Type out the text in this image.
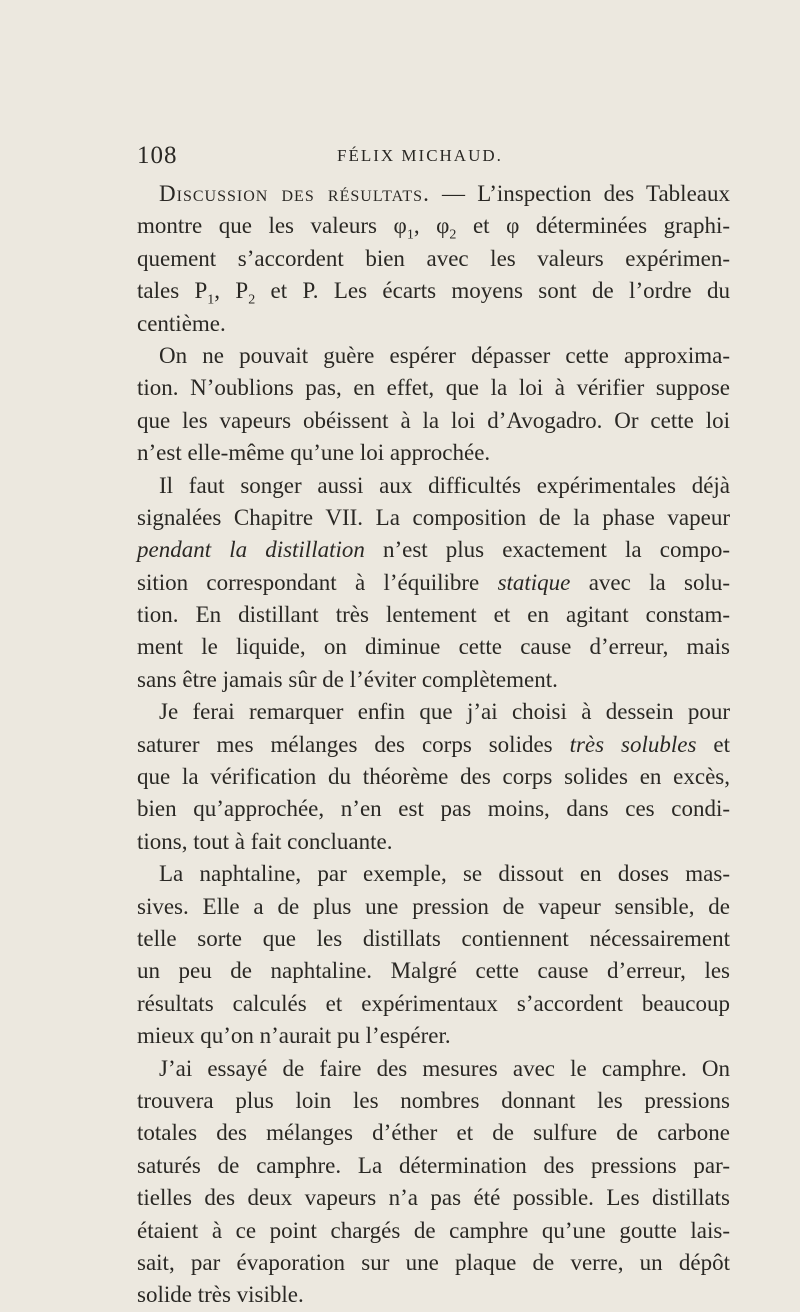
108	FÉLIX MICHAUD.
Discussion des résultats. — L’inspection des Tableaux
montre que les valeurs $\varphi_1$, $\varphi_2$ et φ déterminées graphi-
quement s’accordent bien avec les valeurs expérimen-
tales $P_1$, $P_2$ et P. Les écarts moyens sont de l’ordre du
centième.
On ne pouvait guère espérer dépasser cette approxima-
tion. N’oublions pas, en effet, que la loi à vérifier suppose
que les vapeurs obéissent à la loi d’Avogadro. Or cette loi
n’est elle-même qu’une loi approchée.
Il faut songer aussi aux difficultés expérimentales déjà
signalées Chapitre VII. La composition de la phase vapeur
pendant la distillation n’est plus exactement la compo-
sition correspondant à l’équilibre statique avec la solu-
tion. En distillant très lentement et en agitant constam-
ment le liquide, on diminue cette cause d’erreur, mais
sans être jamais sûr de l’éviter complètement.
Je ferai remarquer enfin que j’ai choisi à dessein pour
saturer mes mélanges des corps solides très solubles et
que la vérification du théorème des corps solides en excès,
bien qu’approchée, n’en est pas moins, dans ces condi-
tions, tout à fait concluante.
La naphtaline, par exemple, se dissout en doses mas-
sives. Elle a de plus une pression de vapeur sensible, de
telle sorte que les distillats contiennent nécessairement
un peu de naphtaline. Malgré cette cause d’erreur, les
résultats calculés et expérimentaux s’accordent beaucoup
mieux qu’on n’aurait pu l’espérer.
J’ai essayé de faire des mesures avec le camphre. On
trouvera plus loin les nombres donnant les pressions
totales des mélanges d’éther et de sulfure de carbone
saturés de camphre. La détermination des pressions par-
tielles des deux vapeurs n’a pas été possible. Les distillats
étaient à ce point chargés de camphre qu’une goutte lais-
sait, par évaporation sur une plaque de verre, un dépôt
solide très visible.
